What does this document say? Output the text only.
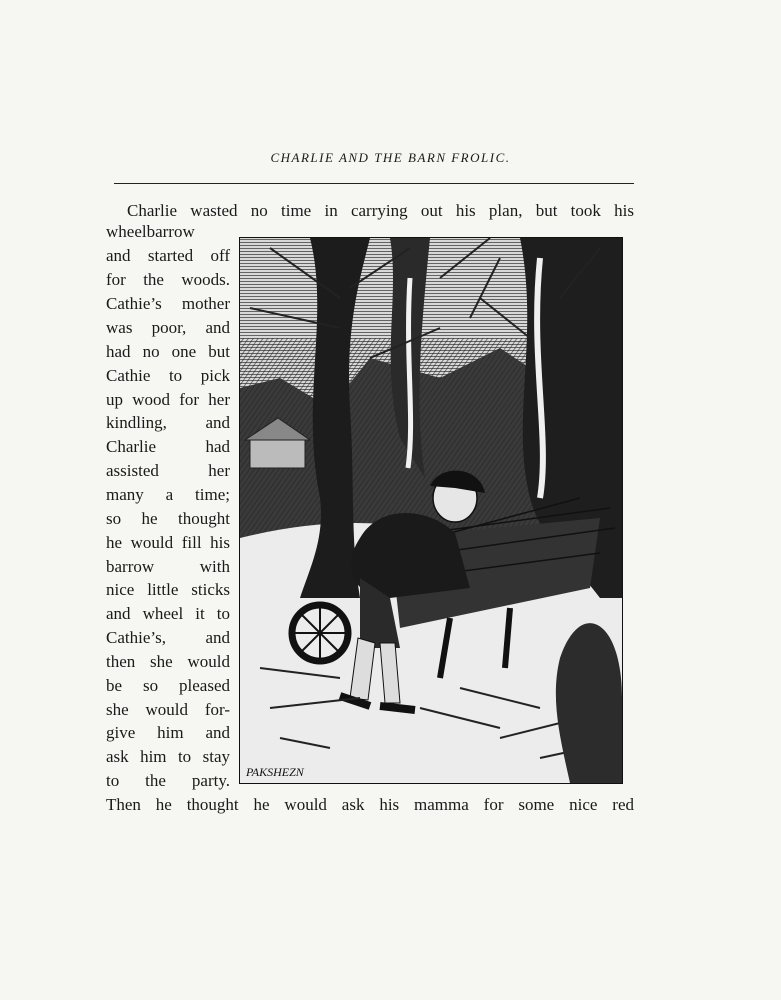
CHARLIE AND THE BARN FROLIC.
Charlie wasted no time in carrying out his plan, but took his
wheelbarrow
and started off
for the woods.
Cathie’s mother
was poor, and
had no one but
Cathie to pick
up wood for her
kindling, and
Charlie had
assisted her
many a time;
so he thought
he would fill his
barrow with
nice little sticks
and wheel it to
Cathie’s, and
then she would
be so pleased
she would for-
give him and
ask him to stay
to the party. PAKSHEZN
Then he thought he would ask his mamma for some nice red
